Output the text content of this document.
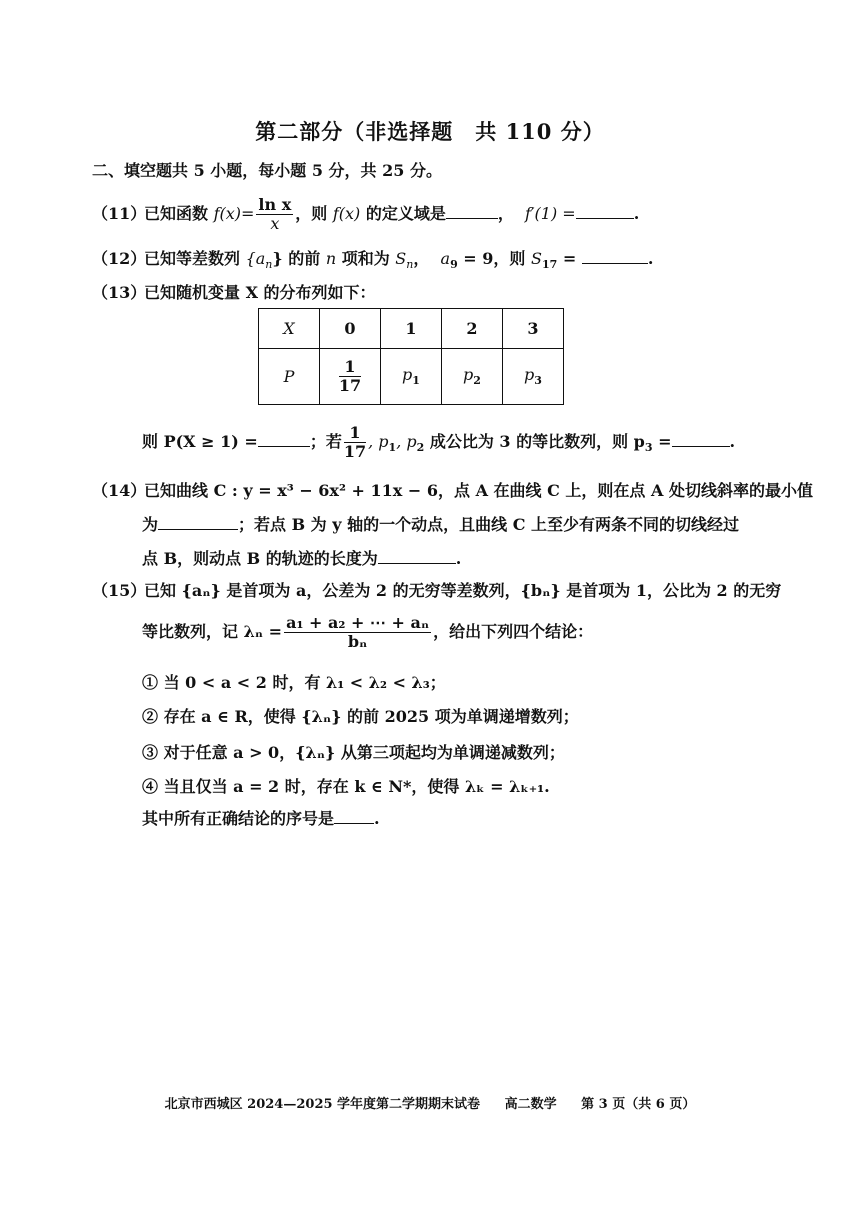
第二部分（非选择题　共 110 分）
二、填空题共 5 小题，每小题 5 分，共 25 分。
（11）已知函数 $f(x)= \frac{\text{ln x}}{x}$ ，则 f(x) 的定义域是	， f′(1) =	.
（12）已知等差数列 $\{a_n\}$ 的前 n 项和为 $S_n$， $a_9 = 9$，则 $S_{17}$ =	.
（13）已知随机变量 X 的分布列如下：
X	0	1	2	3
P	$\frac{1}{17}$	$p_1$	$p_2$	$p_3$
则 P(X ≥ 1) =	；若 $\frac{1}{17}$ , $p_1$, $p_2$ 成公比为 3 的等比数列，则 $p_3$ =	.
（14）已知曲线 C : y = x³ − 6x² + 11x − 6，点 A 在曲线 C 上，则在点 A 处切线斜率的最小值
为	；若点 B 为 y 轴的一个动点，且曲线 C 上至少有两条不同的切线经过
点 B，则动点 B 的轨迹的长度为	.
（15）已知 {aₙ} 是首项为 a，公差为 2 的无穷等差数列，{bₙ} 是首项为 1，公比为 2 的无穷
等比数列，记 $\lambda_n = \frac{\text{a₁ + a₂ + ⋯ + aₙ}}{\text{bₙ}}$ ，给出下列四个结论：
① 当 0 < a < 2 时，有 λ₁ < λ₂ < λ₃；
② 存在 a ∈ R，使得 {λₙ} 的前 2025 项为单调递增数列；
③ 对于任意 a > 0，{λₙ} 从第三项起均为单调递减数列；
④ 当且仅当 a = 2 时，存在 k ∈ N*，使得 λₖ = λₖ₊₁.
其中所有正确结论的序号是	.
北京市西城区 2024—2025 学年度第二学期期末试卷 高二数学 第 3 页（共 6 页）
